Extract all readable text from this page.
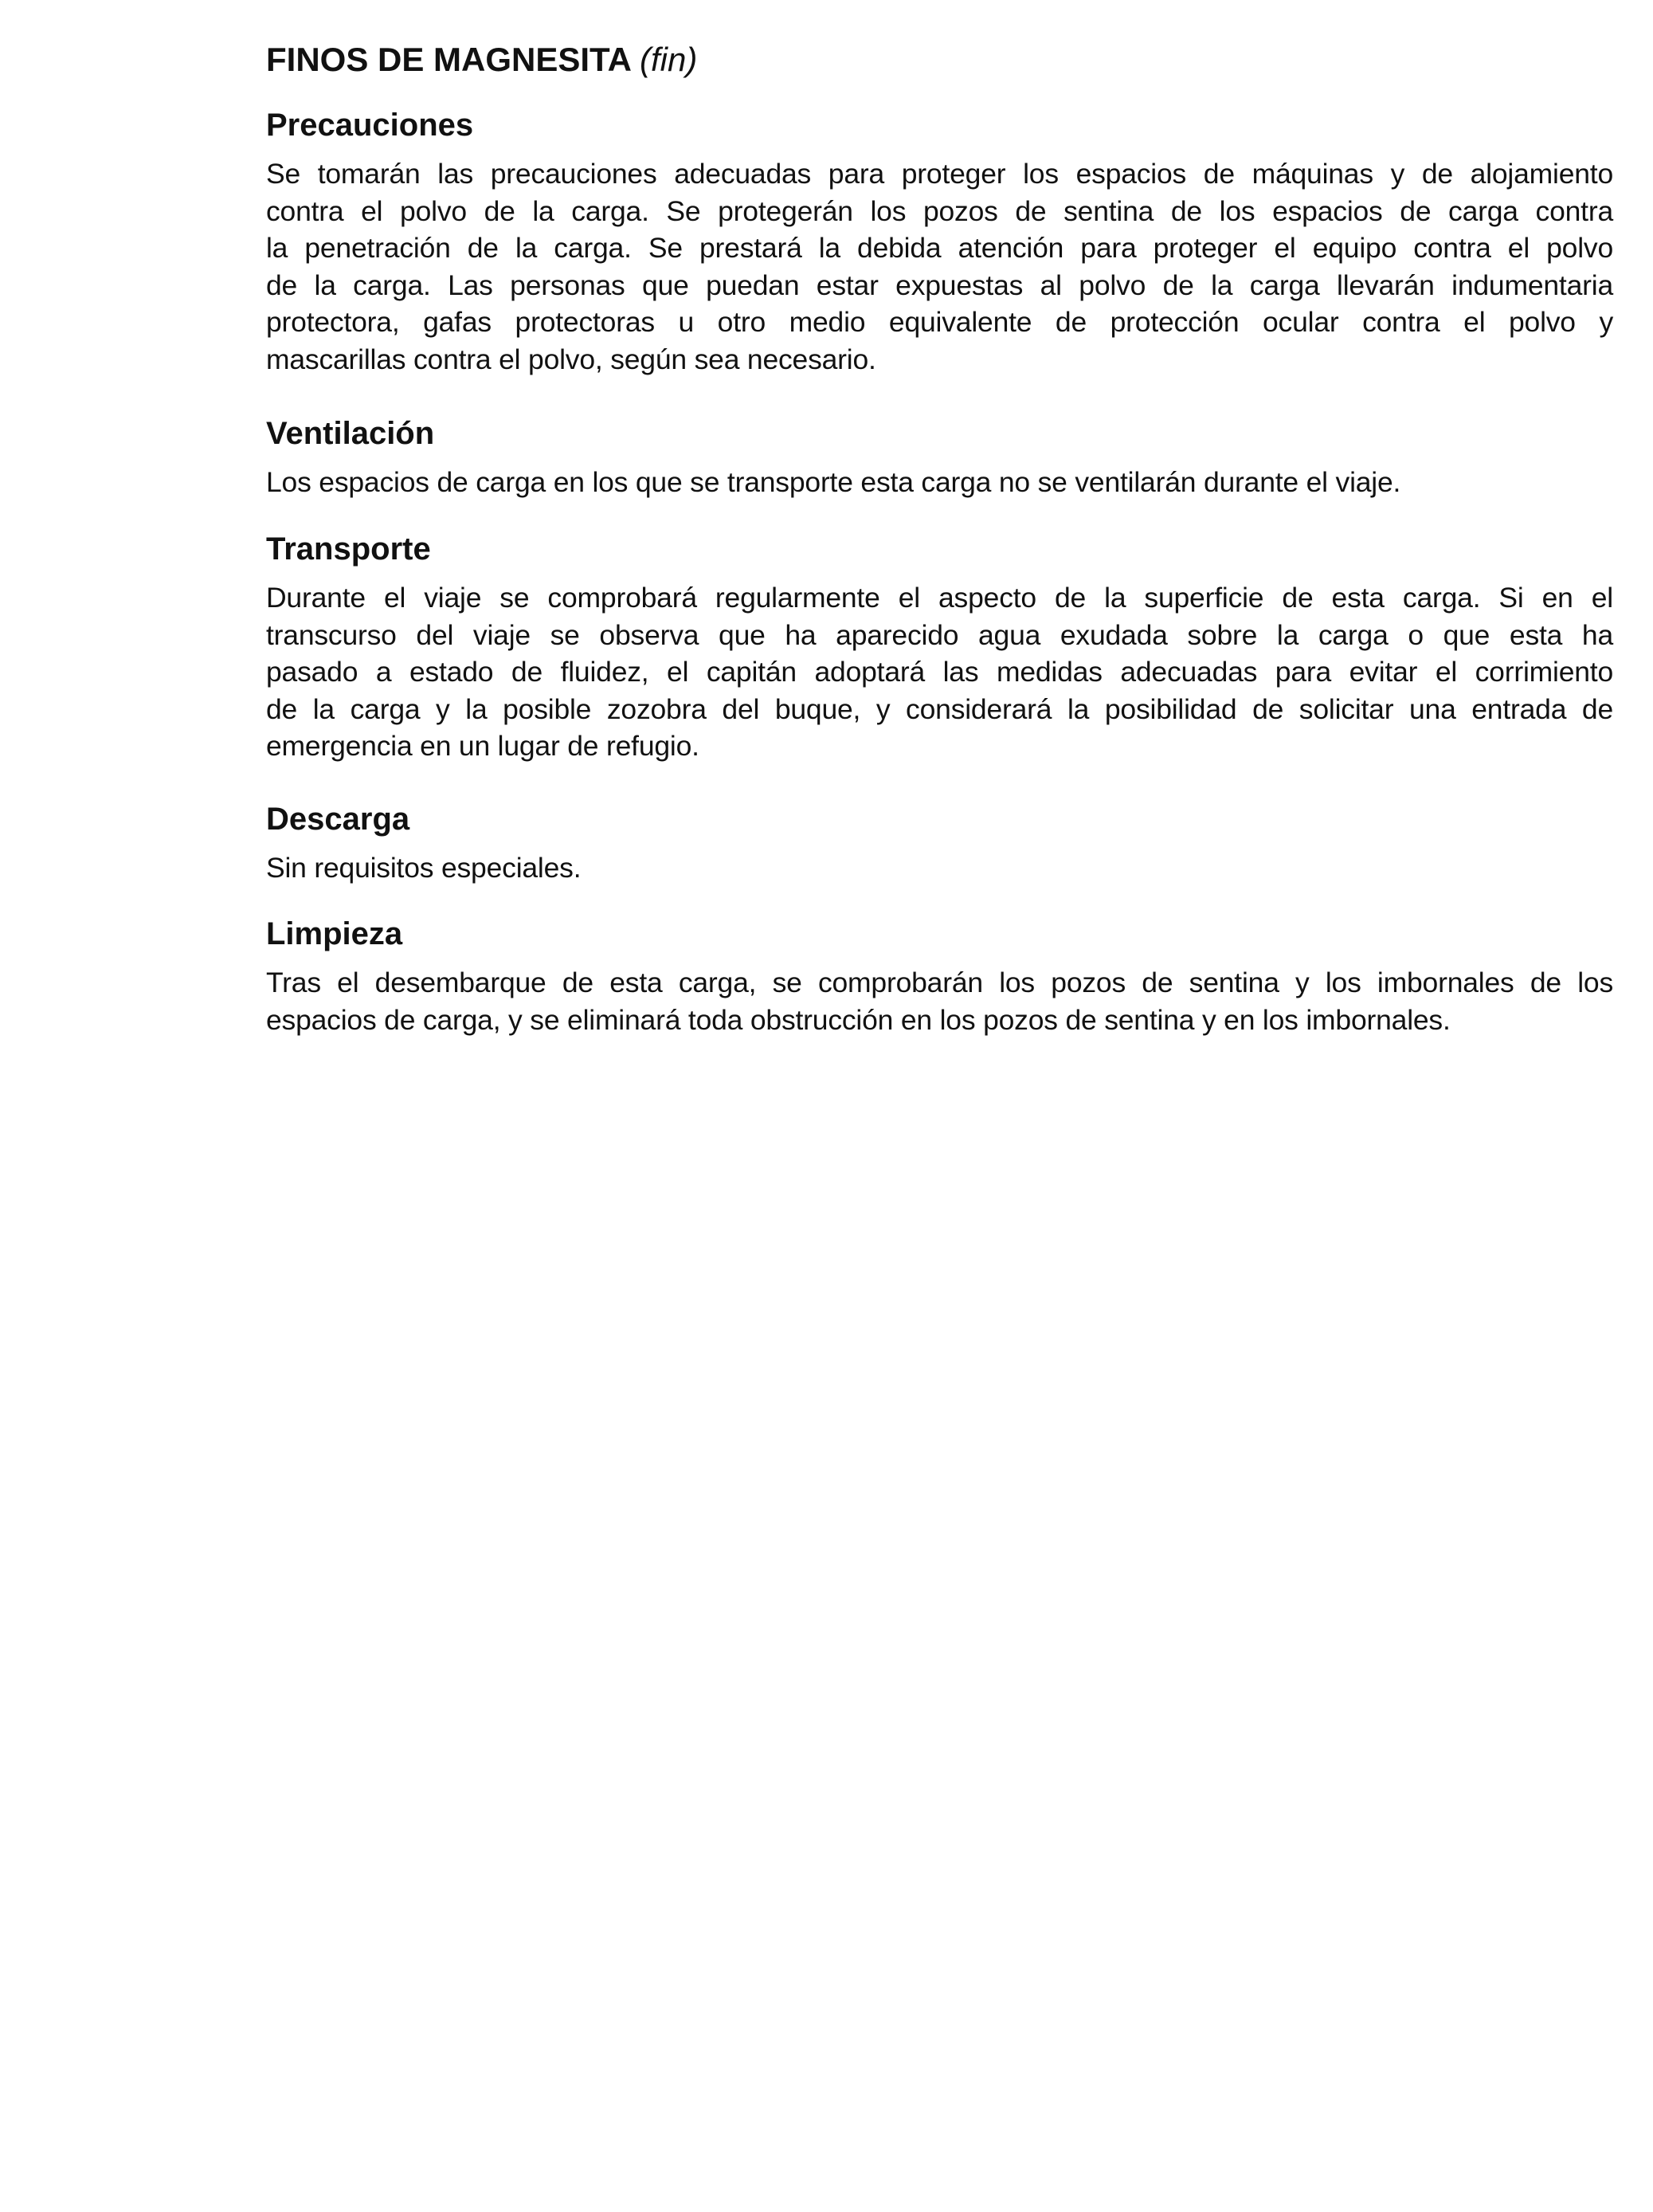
FINOS DE MAGNESITA (fin)
Precauciones
Se tomarán las precauciones adecuadas para proteger los espacios de máquinas y de alojamiento
contra el polvo de la carga. Se protegerán los pozos de sentina de los espacios de carga contra
la penetración de la carga. Se prestará la debida atención para proteger el equipo contra el polvo
de la carga. Las personas que puedan estar expuestas al polvo de la carga llevarán indumentaria
protectora, gafas protectoras u otro medio equivalente de protección ocular contra el polvo y
mascarillas contra el polvo, según sea necesario.
Ventilación
Los espacios de carga en los que se transporte esta carga no se ventilarán durante el viaje.
Transporte
Durante el viaje se comprobará regularmente el aspecto de la superficie de esta carga. Si en el
transcurso del viaje se observa que ha aparecido agua exudada sobre la carga o que esta ha
pasado a estado de fluidez, el capitán adoptará las medidas adecuadas para evitar el corrimiento
de la carga y la posible zozobra del buque, y considerará la posibilidad de solicitar una entrada de
emergencia en un lugar de refugio.
Descarga
Sin requisitos especiales.
Limpieza
Tras el desembarque de esta carga, se comprobarán los pozos de sentina y los imbornales de los
espacios de carga, y se eliminará toda obstrucción en los pozos de sentina y en los imbornales.
